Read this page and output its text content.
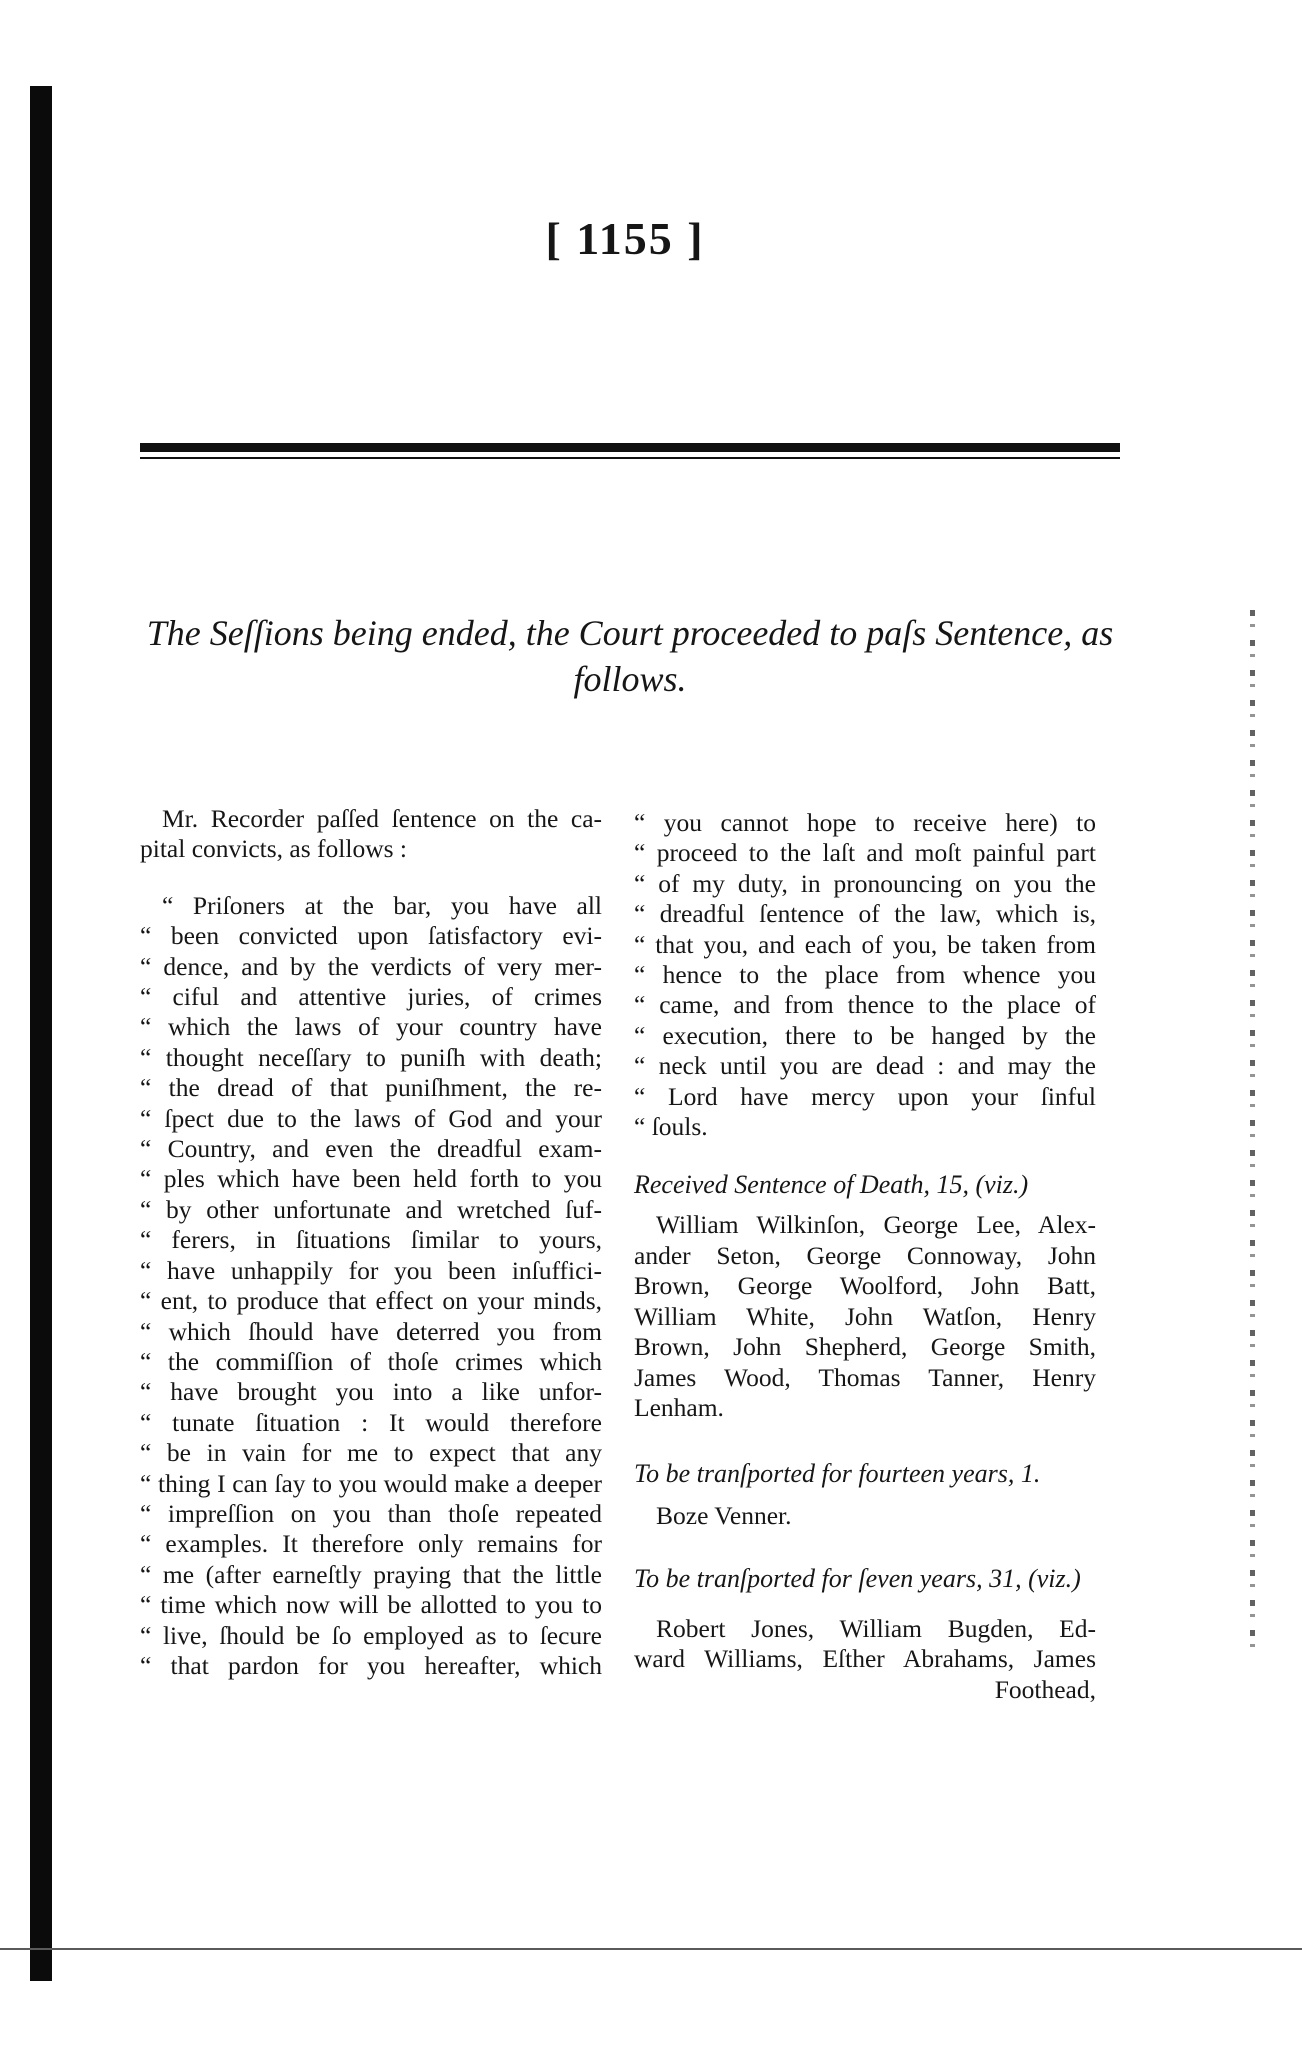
[ 1155 ]
The Seſſions being ended, the Court proceeded to paſs Sentence, as
follows.
Mr. Recorder paſſed ſentence on the ca-
pital convicts, as follows :
“ Priſoners at the bar, you have all
“ been convicted upon ſatisfactory evi-
“ dence, and by the verdicts of very mer-
“ ciful and attentive juries, of crimes
“ which the laws of your country have
“ thought neceſſary to puniſh with death;
“ the dread of that puniſhment, the re-
“ ſpect due to the laws of God and your
“ Country, and even the dreadful exam-
“ ples which have been held forth to you
“ by other unfortunate and wretched ſuf-
“ ferers, in ſituations ſimilar to yours,
“ have unhappily for you been inſuffici-
“ ent, to produce that effect on your minds,
“ which ſhould have deterred you from
“ the commiſſion of thoſe crimes which
“ have brought you into a like unfor-
“ tunate ſituation : It would therefore
“ be in vain for me to expect that any
“ thing I can ſay to you would make a deeper
“ impreſſion on you than thoſe repeated
“ examples. It therefore only remains for
“ me (after earneſtly praying that the little
“ time which now will be allotted to you to
“ live, ſhould be ſo employed as to ſecure
“ that pardon for you hereafter, which
“ you cannot hope to receive here) to
“ proceed to the laſt and moſt painful part
“ of my duty, in pronouncing on you the
“ dreadful ſentence of the law, which is,
“ that you, and each of you, be taken from
“ hence to the place from whence you
“ came, and from thence to the place of
“ execution, there to be hanged by the
“ neck until you are dead : and may the
“ Lord have mercy upon your ſinful
“ ſouls.
Received Sentence of Death, 15, (viz.)
William Wilkinſon, George Lee, Alex-
ander Seton, George Connoway, John
Brown, George Woolford, John Batt,
William White, John Watſon, Henry
Brown, John Shepherd, George Smith,
James Wood, Thomas Tanner, Henry
Lenham.
To be tranſported for fourteen years, 1.
Boze Venner.
To be tranſported for ſeven years, 31, (viz.)
Robert Jones, William Bugden, Ed-
ward Williams, Eſther Abrahams, James
Foothead,
